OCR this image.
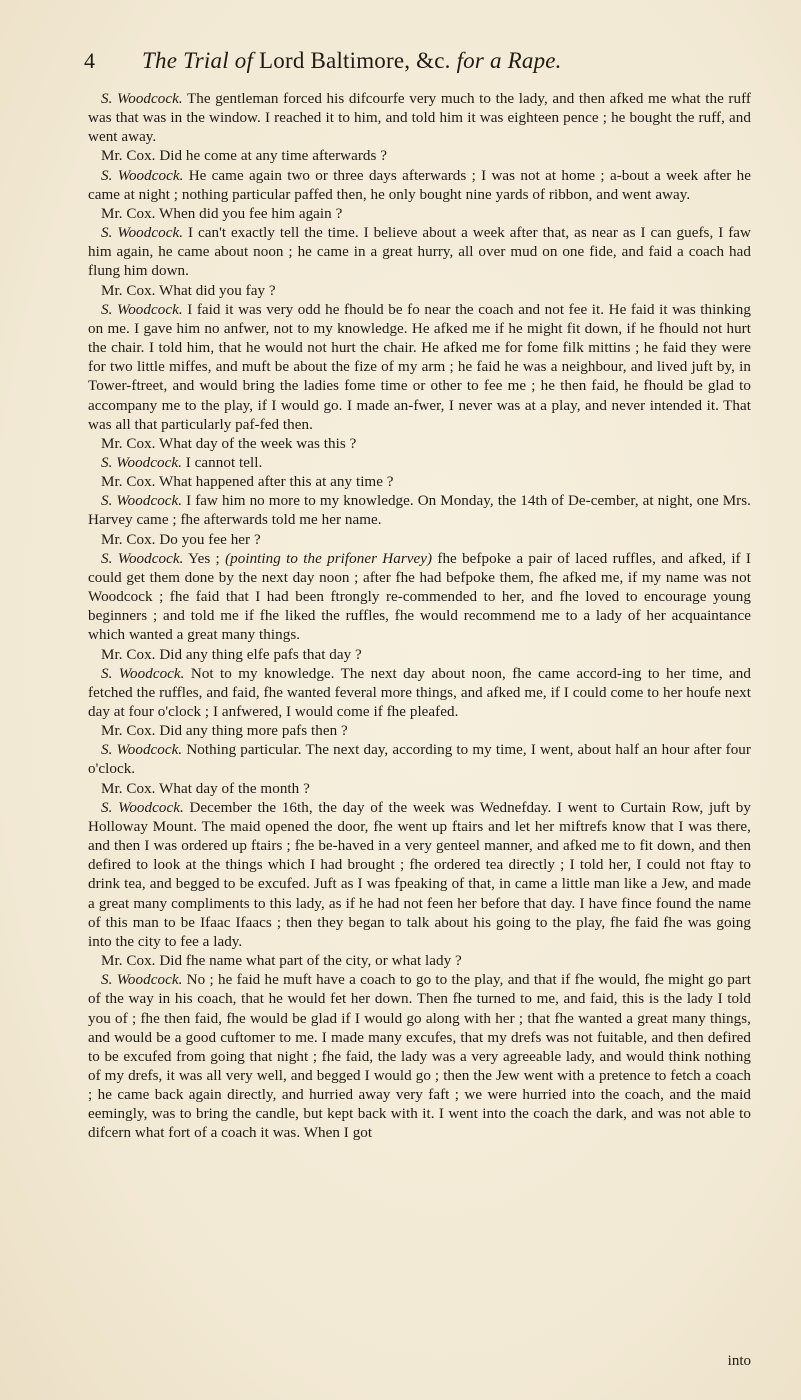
4	The Trial of Lord Baltimore, &c. for a Rape.

S. Woodcock. The gentleman forced his difcourfe very much to the lady, and then afked me what the ruff was that was in the window. I reached it to him, and told him it was eighteen pence ; he bought the ruff, and went away.

Mr. Cox. Did he come at any time afterwards ?

S. Woodcock. He came again two or three days afterwards ; I was not at home ; a-bout a week after he came at night ; nothing particular paffed then, he only bought nine yards of ribbon, and went away.

Mr. Cox. When did you fee him again ?

S. Woodcock. I can't exactly tell the time. I believe about a week after that, as near as I can guefs, I faw him again, he came about noon ; he came in a great hurry, all over mud on one fide, and faid a coach had flung him down.

Mr. Cox. What did you fay ?

S. Woodcock. I faid it was very odd he fhould be fo near the coach and not fee it. He faid it was thinking on me. I gave him no anfwer, not to my knowledge. He afked me if he might fit down, if he fhould not hurt the chair. I told him, that he would not hurt the chair. He afked me for fome filk mittins ; he faid they were for two little miffes, and muft be about the fize of my arm ; he faid he was a neighbour, and lived juft by, in Tower-ftreet, and would bring the ladies fome time or other to fee me ; he then faid, he fhould be glad to accompany me to the play, if I would go. I made an-fwer, I never was at a play, and never intended it. That was all that particularly paf-fed then.

Mr. Cox. What day of the week was this ?

S. Woodcock. I cannot tell.

Mr. Cox. What happened after this at any time ?

S. Woodcock. I faw him no more to my knowledge. On Monday, the 14th of De-cember, at night, one Mrs. Harvey came ; fhe afterwards told me her name.

Mr. Cox. Do you fee her ?

S. Woodcock. Yes ; (pointing to the prifoner Harvey) fhe befpoke a pair of laced ruffles, and afked, if I could get them done by the next day noon ; after fhe had befpoke them, fhe afked me, if my name was not Woodcock ; fhe faid that I had been ftrongly re-commended to her, and fhe loved to encourage young beginners ; and told me if fhe liked the ruffles, fhe would recommend me to a lady of her acquaintance which wanted a great many things.

Mr. Cox. Did any thing elfe pafs that day ?

S. Woodcock. Not to my knowledge. The next day about noon, fhe came accord-ing to her time, and fetched the ruffles, and faid, fhe wanted feveral more things, and afked me, if I could come to her houfe next day at four o'clock ; I anfwered, I would come if fhe pleafed.

Mr. Cox. Did any thing more pafs then ?

S. Woodcock. Nothing particular. The next day, according to my time, I went, about half an hour after four o'clock.

Mr. Cox. What day of the month ?

S. Woodcock. December the 16th, the day of the week was Wednefday. I went to Curtain Row, juft by Holloway Mount. The maid opened the door, fhe went up ftairs and let her miftrefs know that I was there, and then I was ordered up ftairs ; fhe be-haved in a very genteel manner, and afked me to fit down, and then defired to look at the things which I had brought ; fhe ordered tea directly ; I told her, I could not ftay to drink tea, and begged to be excufed. Juft as I was fpeaking of that, in came a little man like a Jew, and made a great many compliments to this lady, as if he had not feen her before that day. I have fince found the name of this man to be Ifaac Ifaacs ; then they began to talk about his going to the play, fhe faid fhe was going into the city to fee a lady.

Mr. Cox. Did fhe name what part of the city, or what lady ?

S. Woodcock. No ; he faid he muft have a coach to go to the play, and that if fhe would, fhe might go part of the way in his coach, that he would fet her down. Then fhe turned to me, and faid, this is the lady I told you of ; fhe then faid, fhe would be glad if I would go along with her ; that fhe wanted a great many things, and would be a good cuftomer to me. I made many excufes, that my drefs was not fuitable, and then defired to be excufed from going that night ; fhe faid, the lady was a very agreeable lady, and would think nothing of my drefs, it was all very well, and begged I would go ; then the Jew went with a pretence to fetch a coach ; he came back again directly, and hurried away very faft ; we were hurried into the coach, and the maid eemingly, was to bring the candle, but kept back with it. I went into the coach the dark, and was not able to difcern what fort of a coach it was. When I got

into
